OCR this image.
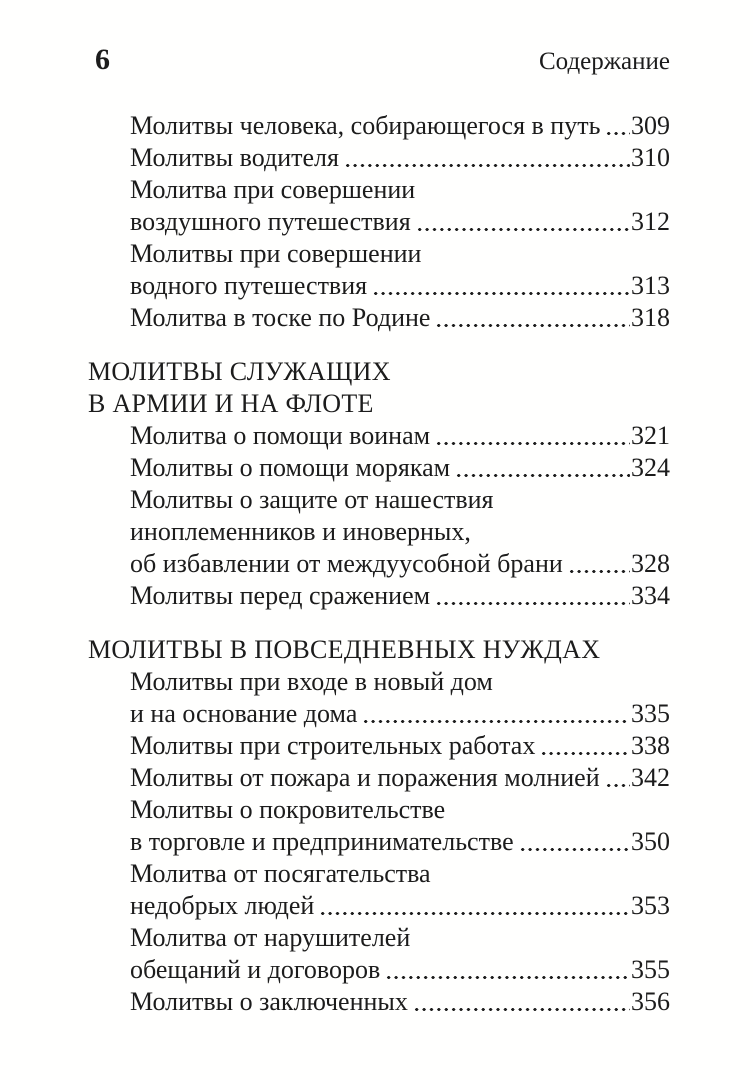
6	Содержание
Молитвы человека, собирающегося в путь 309
Молитвы водителя	310
Молитва при совершении
воздушного путешествия	312
Молитвы при совершении
водного путешествия	313
Молитва в тоске по Родине	318
МОЛИТВЫ СЛУЖАЩИХ
В АРМИИ И НА ФЛОТЕ
Молитва о помощи воинам	321
Молитвы о помощи морякам	324
Молитвы о защите от нашествия
иноплеменников и иноверных,
об избавлении от междуусобной брани	328
Молитвы перед сражением	334
МОЛИТВЫ В ПОВСЕДНЕВНЫХ НУЖДАХ
Молитвы при входе в новый дом
и на основание дома	335
Молитвы при строительных работах	338
Молитвы от пожара и поражения молнией 342
Молитвы о покровительстве
в торговле и предпринимательстве	350
Молитва от посягательства
недобрых людей	353
Молитва от нарушителей
обещаний и договоров	355
Молитвы о заключенных	356
